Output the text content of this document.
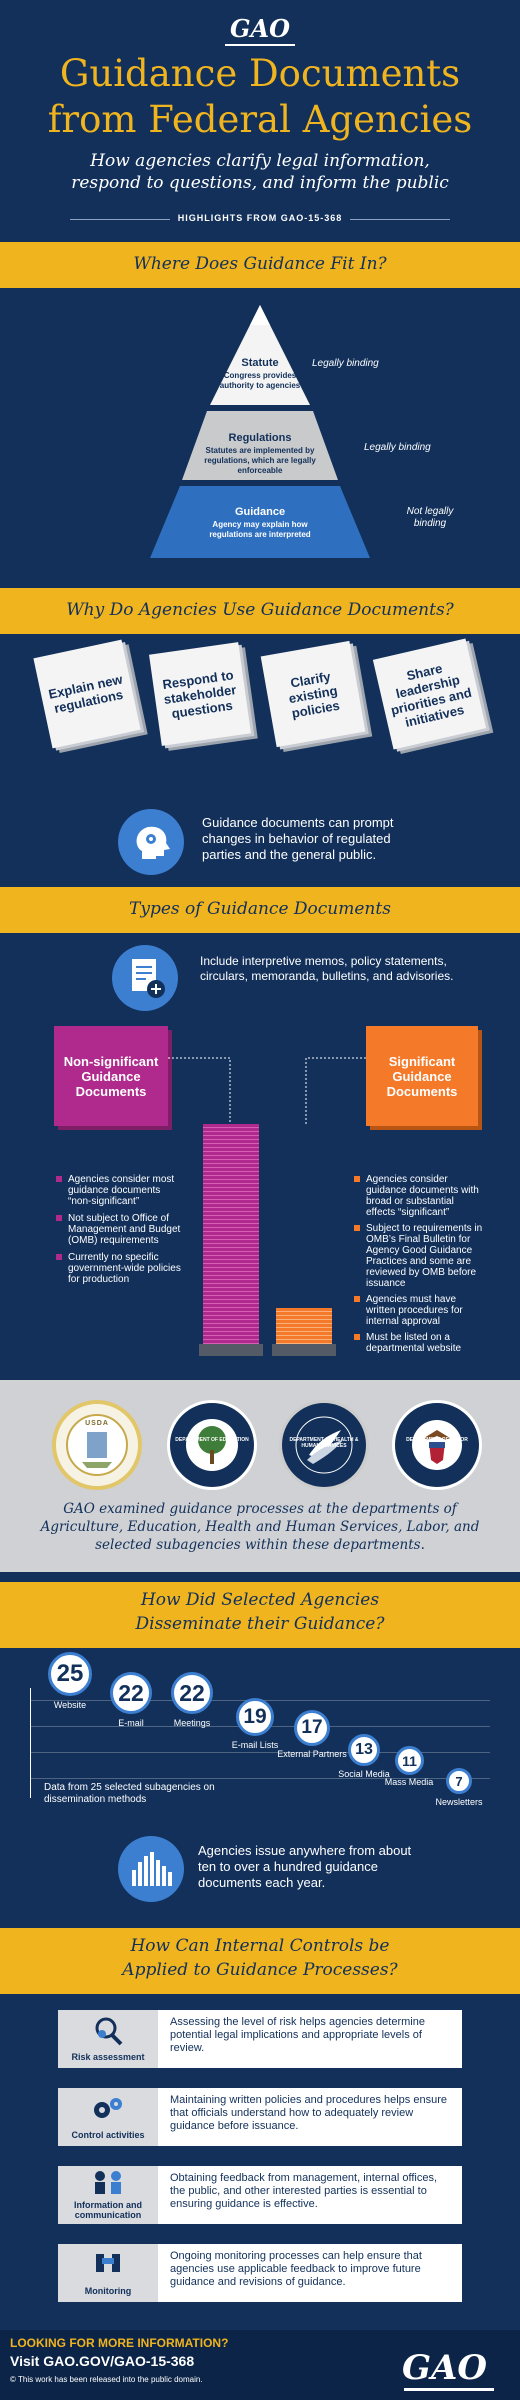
GAO
Guidance Documents
from Federal Agencies
How agencies clarify legal information,
respond to questions, and inform the public
HIGHLIGHTS FROM GAO-15-368
Where Does Guidance Fit In?
Statute
Congress provides authority to agencies
Legally binding
Regulations
Statutes are implemented by regulations, which are legally enforceable
Legally binding
Guidance
Agency may explain how regulations are interpreted
Not legally binding
Why Do Agencies Use Guidance Documents?
Explain new regulations
Respond to stakeholder questions
Clarify existing policies
Share leadership priorities and initiatives
Guidance documents can prompt changes in behavior of regulated parties and the general public.
Types of Guidance Documents
Include interpretive memos, policy statements, circulars, memoranda, bulletins, and advisories.
Non-significant Guidance Documents
Significant Guidance Documents
Agencies consider most guidance documents “non-significant”
Not subject to Office of Management and Budget (OMB) requirements
Currently no specific government-wide policies for production
Agencies consider guidance documents with broad or substantial effects “significant”
Subject to requirements in OMB’s Final Bulletin for Agency Good Guidance Practices and some are reviewed by OMB before issuance
Agencies must have written procedures for internal approval
Must be listed on a departmental website
USDA
DEPARTMENT OF EDUCATION	DEPARTMENT OF HEALTH & HUMAN SERVICES
DEPARTMENT OF LABOR
GAO examined guidance processes at the departments of Agriculture, Education, Health and Human Services, Labor, and selected subagencies within these departments.
How Did Selected Agencies
Disseminate their Guidance?
25
Website	22
E-mail
22
Meetings	19
E-mail Lists
17
External Partners 13
Social Media
11
Mass Media	7
Newsletters
Data from 25 selected subagencies on dissemination methods
Agencies issue anywhere from about ten to over a hundred guidance documents each year.
How Can Internal Controls be
Applied to Guidance Processes?
Risk assessment
Assessing the level of risk helps agencies determine potential legal implications and appropriate levels of review.
Control activities
Maintaining written policies and procedures helps ensure that officials understand how to adequately review guidance before issuance.
Information and communication
Obtaining feedback from management, internal offices, the public, and other interested parties is essential to ensuring guidance is effective.
Monitoring
Ongoing monitoring processes can help ensure that agencies use applicable feedback to improve future guidance and revisions of guidance.
LOOKING FOR MORE INFORMATION?
Visit GAO.GOV/GAO-15-368
© This work has been released into the public domain.	GAO
